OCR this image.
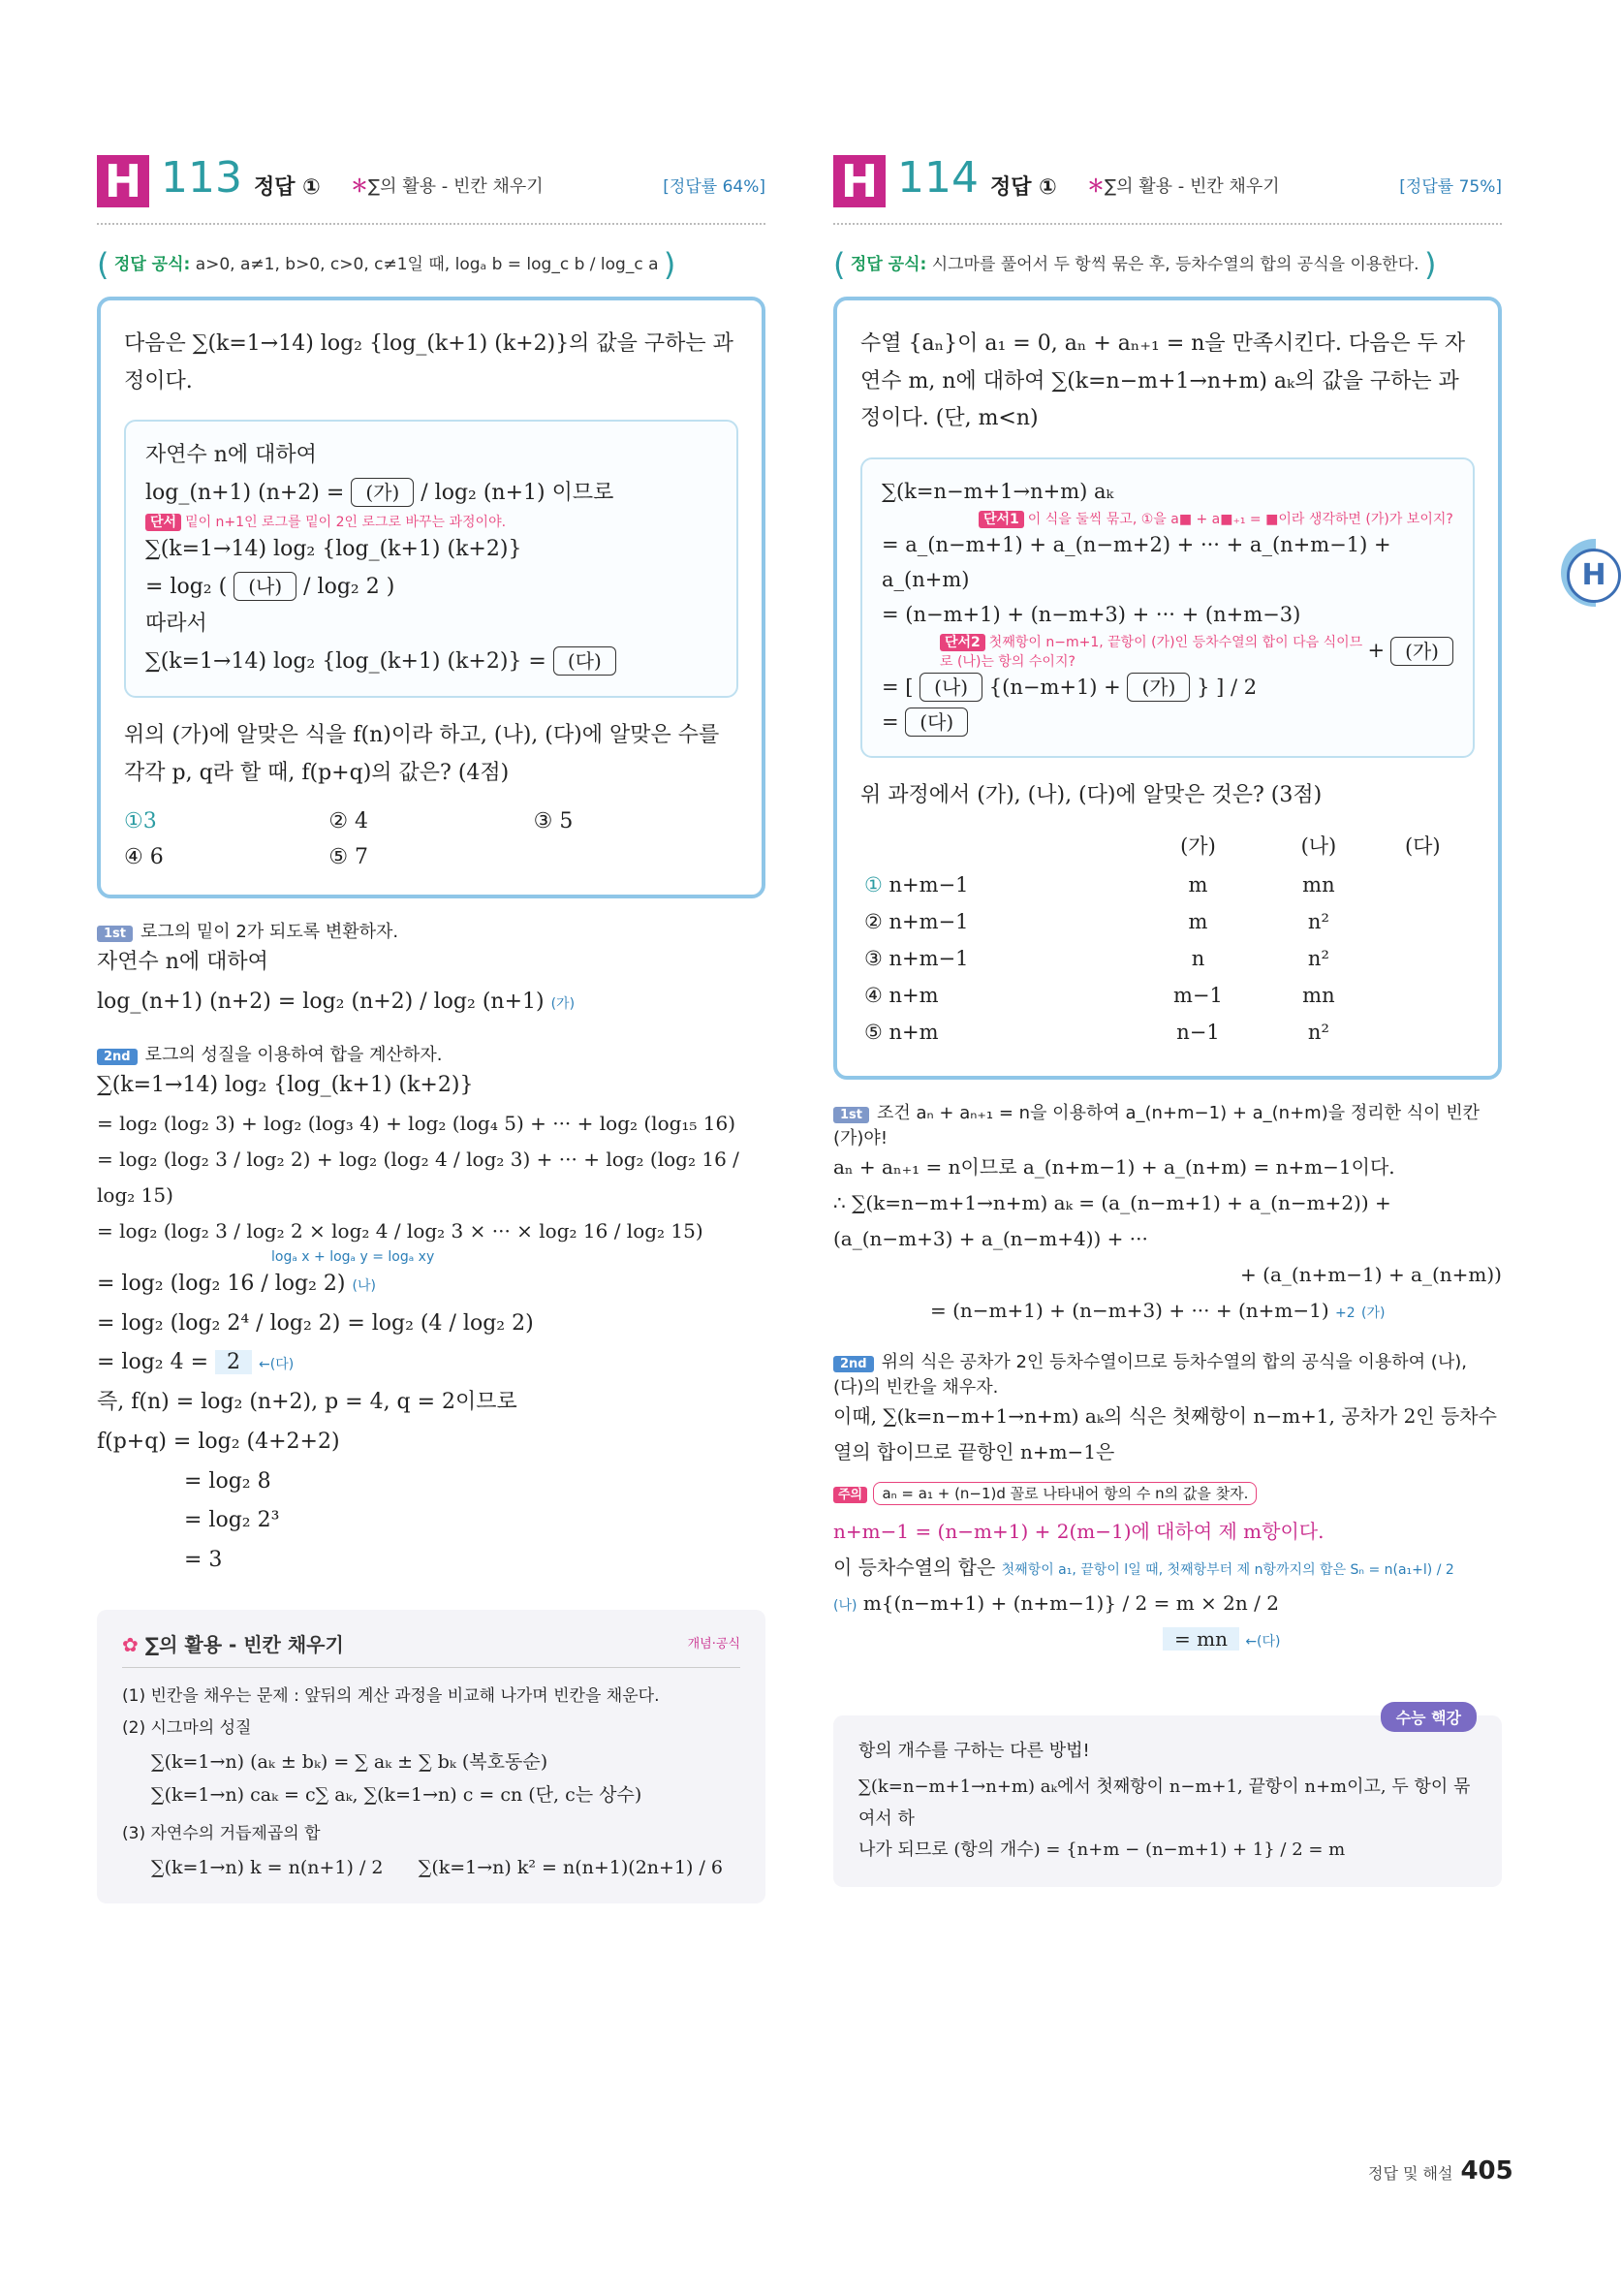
H 113 정답 ① ＊∑의 활용 - 빈칸 채우기	[정답률 64%]
( 정답 공식: a>0, a≠1, b>0, c>0, c≠1일 때, logₐ b = log_c b / log_c a )
다음은 ∑(k=1→14) log₂ {log_(k+1) (k+2)}의 값을 구하는 과정이다.
자연수 n에 대하여
log_(n+1) (n+2) = (가) / log₂ (n+1) 이므로
단서 밑이 n+1인 로그를 밑이 2인 로그로 바꾸는 과정이야.
∑(k=1→14) log₂ {log_(k+1) (k+2)}
= log₂ ( (나) / log₂ 2 )
따라서
∑(k=1→14) log₂ {log_(k+1) (k+2)} = (다)
위의 (가)에 알맞은 식을 f(n)이라 하고, (나), (다)에 알맞은 수를 각각 p, q라 할 때, f(p+q)의 값은? (4점)
①3	② 4	③ 5
④ 6	⑤ 7
1st 로그의 밑이 2가 되도록 변환하자.
자연수 n에 대하여
log_(n+1) (n+2) = log₂ (n+2) / log₂ (n+1) (가)
2nd 로그의 성질을 이용하여 합을 계산하자.
∑(k=1→14) log₂ {log_(k+1) (k+2)}
= log₂ (log₂ 3) + log₂ (log₃ 4) + log₂ (log₄ 5) + ··· + log₂ (log₁₅ 16)
= log₂ (log₂ 3 / log₂ 2) + log₂ (log₂ 4 / log₂ 3) + ··· + log₂ (log₂ 16 / log₂ 15)
= log₂ (log₂ 3 / log₂ 2 × log₂ 4 / log₂ 3 × ··· × log₂ 16 / log₂ 15)
logₐ x + logₐ y = logₐ xy
= log₂ (log₂ 16 / log₂ 2) (나)
= log₂ (log₂ 2⁴ / log₂ 2) = log₂ (4 / log₂ 2)
= log₂ 4 = 2 ←(다)
즉, f(n) = log₂ (n+2), p = 4, q = 2이므로
f(p+q) = log₂ (4+2+2)
= log₂ 8
= log₂ 2³
= 3
✿ ∑의 활용 - 빈칸 채우기	개념·공식
(1) 빈칸을 채우는 문제 : 앞뒤의 계산 과정을 비교해 나가며 빈칸을 채운다.
(2) 시그마의 성질
∑(k=1→n) (aₖ ± bₖ) = ∑ aₖ ± ∑ bₖ (복호동순)
∑(k=1→n) caₖ = c∑ aₖ, ∑(k=1→n) c = cn (단, c는 상수)
(3) 자연수의 거듭제곱의 합
∑(k=1→n) k = n(n+1) / 2 ∑(k=1→n) k² = n(n+1)(2n+1) / 6
H 114 정답 ① ＊∑의 활용 - 빈칸 채우기	[정답률 75%]
( 정답 공식: 시그마를 풀어서 두 항씩 묶은 후, 등차수열의 합의 공식을 이용한다. )
수열 {aₙ}이 a₁ = 0, aₙ + aₙ₊₁ = n을 만족시킨다. 다음은 두 자연수 m, n에 대하여 ∑(k=n−m+1→n+m) aₖ의 값을 구하는 과정이다. (단, m<n)
∑(k=n−m+1→n+m) aₖ
단서1 이 식을 둘씩 묶고, ①을 a■ + a■₊₁ = ■이라 생각하면 (가)가 보이지?
= a_(n−m+1) + a_(n−m+2) + ··· + a_(n+m−1) + a_(n+m)
= (n−m+1) + (n−m+3) + ··· + (n+m−3)
단서2 첫째항이 n−m+1, 끝항이 (가)인 등차수열의 합이 다음 식이므로 (나)는 항의 수이지?	+	(가)
= [ (나) {(n−m+1) + (가) } ] / 2
= (다)
위 과정에서 (가), (나), (다)에 알맞은 것은? (3점)
	(가)	(나)	(다)
① n+m−1	m	mn	
② n+m−1	m	n²	
③ n+m−1	n	n²	
④ n+m	m−1	mn	
⑤ n+m	n−1	n²	
1st 조건 aₙ + aₙ₊₁ = n을 이용하여 a_(n+m−1) + a_(n+m)을 정리한 식이 빈칸 (가)야!
aₙ + aₙ₊₁ = n이므로 a_(n+m−1) + a_(n+m) = n+m−1이다.
∴ ∑(k=n−m+1→n+m) aₖ = (a_(n−m+1) + a_(n−m+2)) + (a_(n−m+3) + a_(n−m+4)) + ···
+ (a_(n+m−1) + a_(n+m))
= (n−m+1) + (n−m+3) + ··· + (n+m−1) +2 (가)
2nd 위의 식은 공차가 2인 등차수열이므로 등차수열의 합의 공식을 이용하여 (나), (다)의 빈칸을 채우자.
이때, ∑(k=n−m+1→n+m) aₖ의 식은 첫째항이 n−m+1, 공차가 2인 등차수열의 합이므로 끝항인 n+m−1은
주의 aₙ = a₁ + (n−1)d 꼴로 나타내어 항의 수 n의 값을 찾자.
n+m−1 = (n−m+1) + 2(m−1)에 대하여 제 m항이다.
이 등차수열의 합은 첫째항이 a₁, 끝항이 l일 때, 첫째항부터 제 n항까지의 합은 Sₙ = n(a₁+l) / 2
(나) m{(n−m+1) + (n+m−1)} / 2 = m × 2n / 2
= mn ←(다)
수능 핵강
항의 개수를 구하는 다른 방법!
∑(k=n−m+1→n+m) aₖ에서 첫째항이 n−m+1, 끝항이 n+m이고, 두 항이 묶여서 하
나가 되므로 (항의 개수) = {n+m − (n−m+1) + 1} / 2 = m
H
정답 및 해설 405
